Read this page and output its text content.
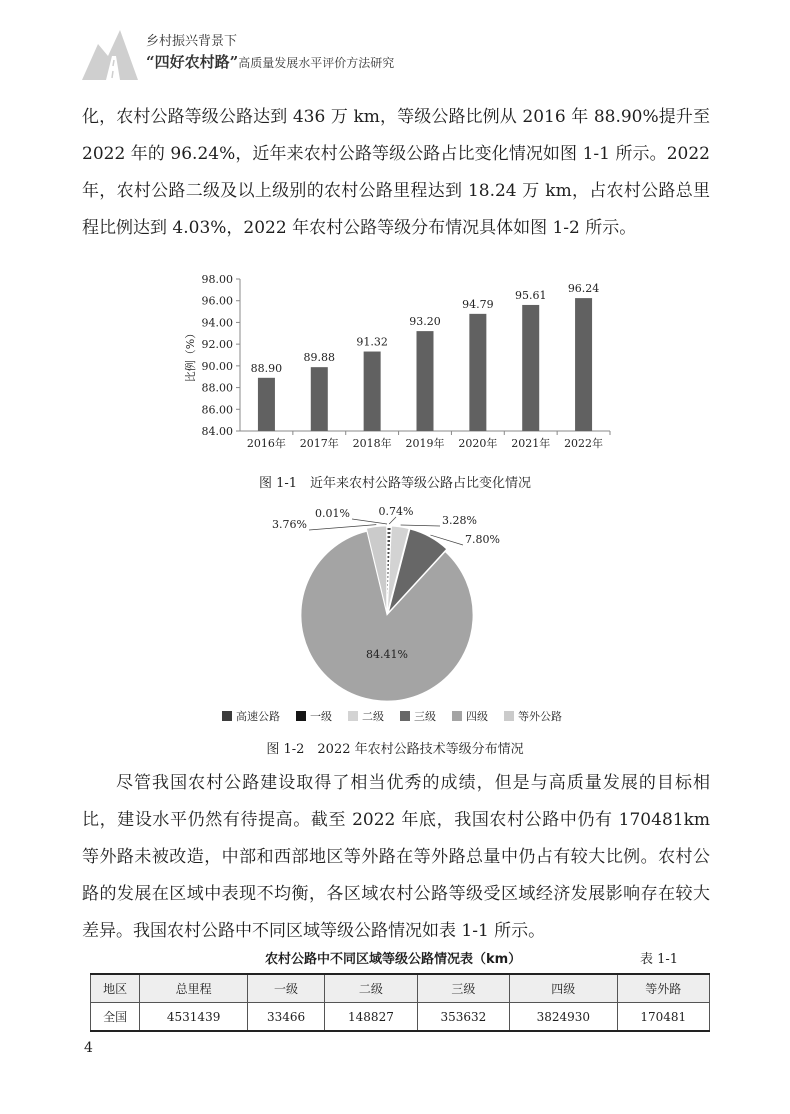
乡村振兴背景下
“四好农村路”高质量发展水平评价方法研究
化，农村公路等级公路达到 436 万 km，等级公路比例从 2016 年 88.90%提升至 2022 年的 96.24%，近年来农村公路等级公路占比变化情况如图 1-1 所示。2022 年，农村公路二级及以上级别的农村公路里程达到 18.24 万 km，占农村公路总里程比例达到 4.03%，2022 年农村公路等级分布情况具体如图 1-2 所示。
84.00
86.00
88.00
90.00
92.00
94.00
96.00
98.00
比例（%）	88.90
2016年
89.88
2017年
91.32
2018年
93.20
2019年
94.79
2020年
95.61
2021年
96.24
2022年
图 1-1　近年来农村公路等级公路占比变化情况
0.01%	0.74%
3.28%
7.80%
84.41%
3.76%
高速公路	一级	二级	三级	四级	等外公路
图 1-2　2022 年农村公路技术等级分布情况
尽管我国农村公路建设取得了相当优秀的成绩，但是与高质量发展的目标相比，建设水平仍然有待提高。截至 2022 年底，我国农村公路中仍有 170481km 等外路未被改造，中部和西部地区等外路在等外路总量中仍占有较大比例。农村公路的发展在区域中表现不均衡，各区域农村公路等级受区域经济发展影响存在较大差异。我国农村公路中不同区域等级公路情况如表 1-1 所示。
农村公路中不同区域等级公路情况表（km）	表 1-1
地区	总里程	一级	二级	三级	四级	等外路
全国	4531439	33466	148827	353632	3824930	170481
4
